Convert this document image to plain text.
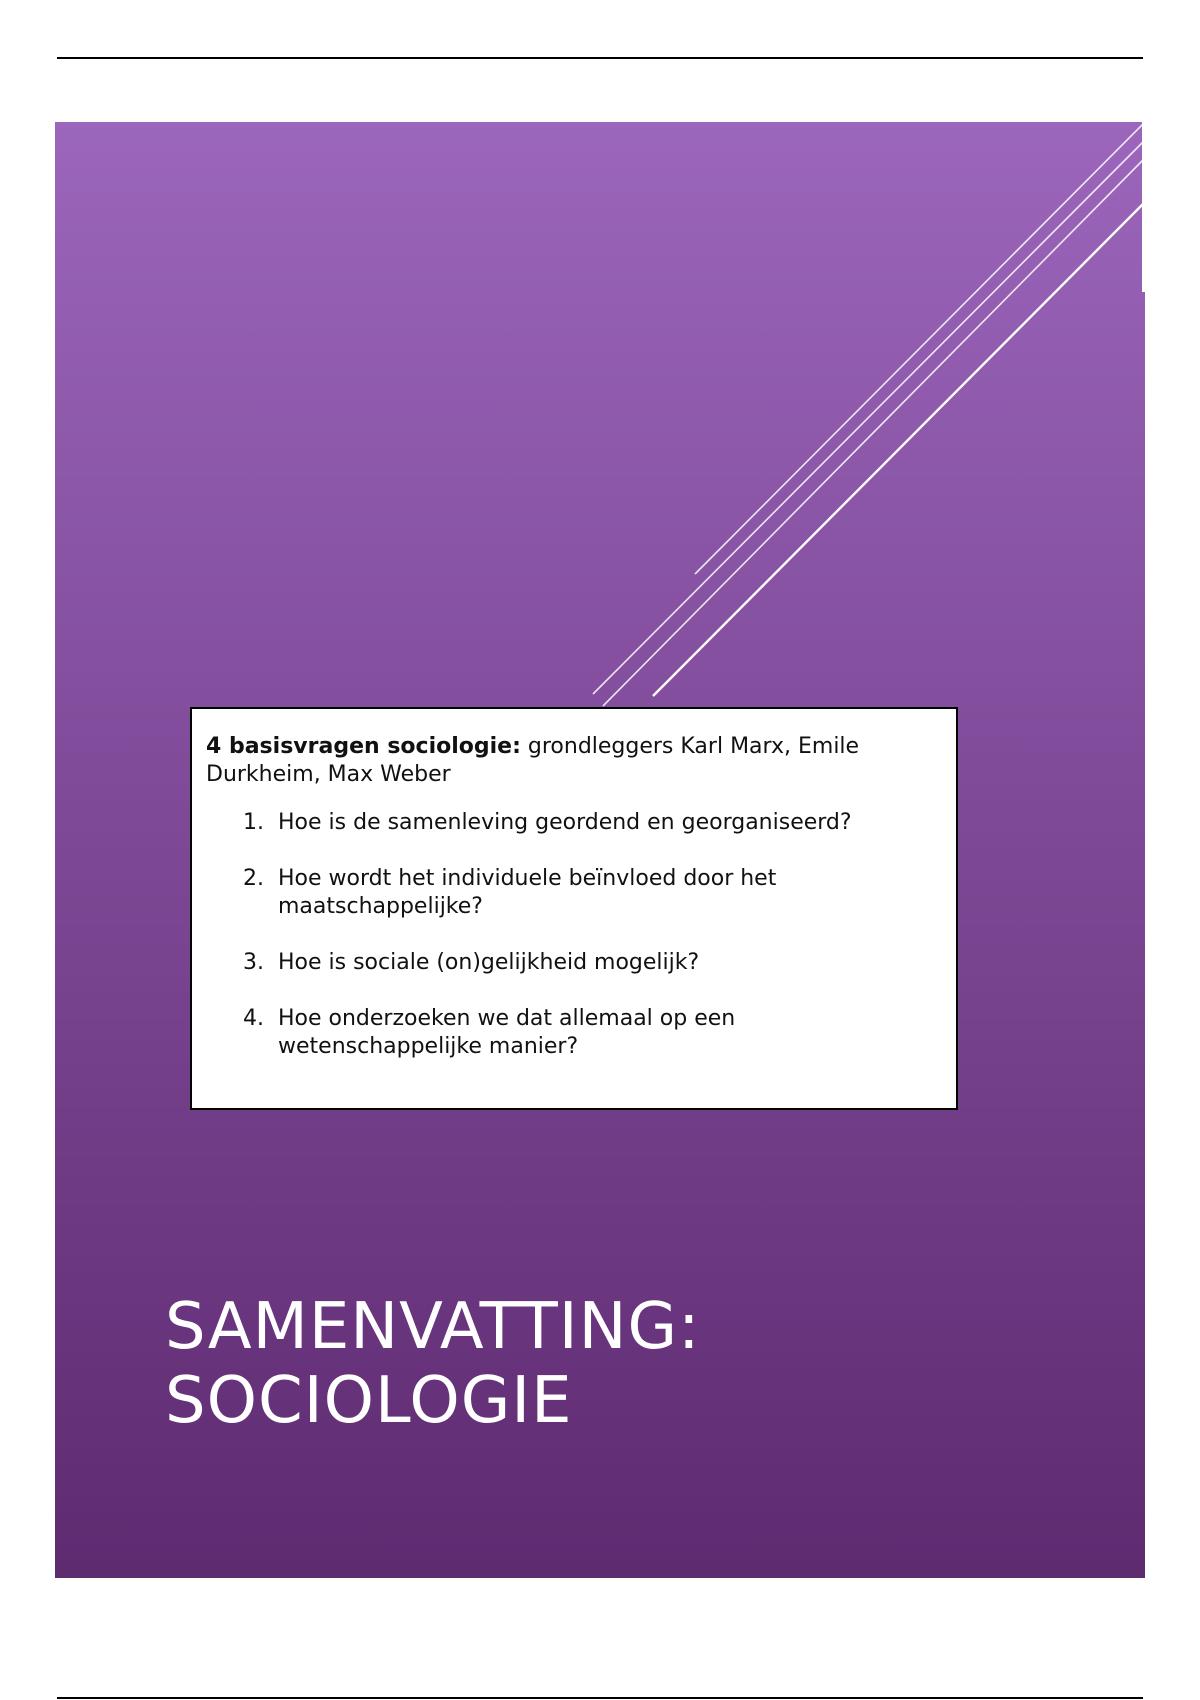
4 basisvragen sociologie: grondleggers Karl Marx, Emile Durkheim, Max Weber

1. Hoe is de samenleving geordend en georganiseerd?
2. Hoe wordt het individuele beïnvloed door het maatschappelijke?
3. Hoe is sociale (on)gelijkheid mogelijk?
4. Hoe onderzoeken we dat allemaal op een wetenschappelijke manier?
SAMENVATTING:
SOCIOLOGIE
